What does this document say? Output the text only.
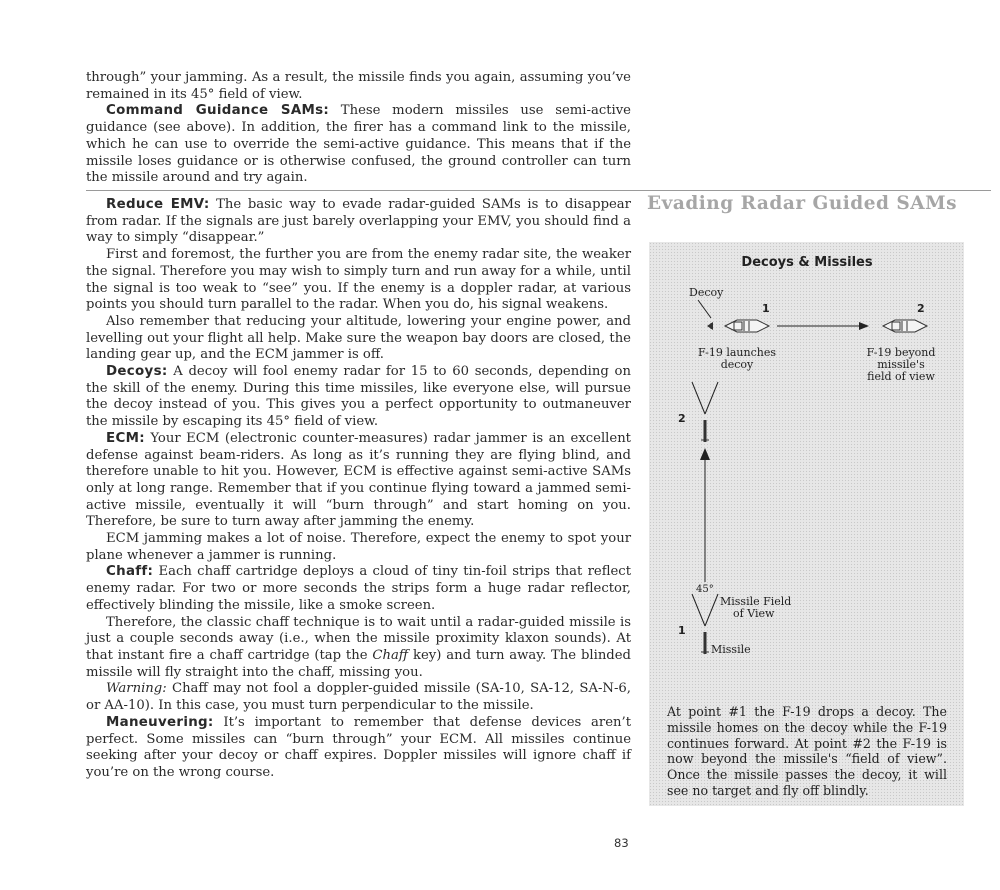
through” your jamming. As a result, the missile finds you again, assuming you’ve remained in its 45° field of view.

Command Guidance SAMs: These modern missiles use semi-active guidance (see above). In addition, the firer has a command link to the missile, which he can use to override the semi-active guidance. This means that if the missile loses guidance or is otherwise confused, the ground controller can turn the missile around and try again.

Evading Radar Guided SAMs

Reduce EMV: The basic way to evade radar-guided SAMs is to disappear from radar. If the signals are just barely overlapping your EMV, you should find a way to simply “disappear.”

First and foremost, the further you are from the enemy radar site, the weaker the signal. Therefore you may wish to simply turn and run away for a while, until the signal is too weak to “see” you. If the enemy is a doppler radar, at various points you should turn parallel to the radar. When you do, his signal weakens.

Also remember that reducing your altitude, lowering your engine power, and levelling out your flight all help. Make sure the weapon bay doors are closed, the landing gear up, and the ECM jammer is off.

Decoys: A decoy will fool enemy radar for 15 to 60 seconds, depending on the skill of the enemy. During this time missiles, like everyone else, will pursue the decoy instead of you. This gives you a perfect opportunity to outmaneuver the missile by escaping its 45° field of view.

ECM: Your ECM (electronic counter-measures) radar jammer is an excellent defense against beam-riders. As long as it’s running they are flying blind, and therefore unable to hit you. However, ECM is effective against semi-active SAMs only at long range. Remember that if you continue flying toward a jammed semi-active missile, eventually it will “burn through” and start homing on you. Therefore, be sure to turn away after jamming the enemy.

ECM jamming makes a lot of noise. Therefore, expect the enemy to spot your plane whenever a jammer is running.

Chaff: Each chaff cartridge deploys a cloud of tiny tin-foil strips that reflect enemy radar. For two or more seconds the strips form a huge radar reflector, effectively blinding the missile, like a smoke screen.

Therefore, the classic chaff technique is to wait until a radar-guided missile is just a couple seconds away (i.e., when the missile proximity klaxon sounds). At that instant fire a chaff cartridge (tap the Chaff key) and turn away. The blinded missile will fly straight into the chaff, missing you.

Warning: Chaff may not fool a doppler-guided missile (SA-10, SA-12, SA-N-6, or AA-10). In this case, you must turn perpendicular to the missile.

Maneuvering: It’s important to remember that defense devices aren’t perfect. Some missiles can “burn through” your ECM. All missiles continue seeking after your decoy or chaff expires. Doppler missiles will ignore chaff if you’re on the wrong course.

Decoys & Missiles
Decoy
1	2
F-19 launches
decoy
F-19 beyond
missile's
field of view
2
45°
Missile Field
of View
1
Missile
At point #1 the F-19 drops a decoy. The missile homes on the decoy while the F-19 continues forward. At point #2 the F-19 is now beyond the missile's “field of view”. Once the missile passes the decoy, it will see no target and fly off blindly.
83
